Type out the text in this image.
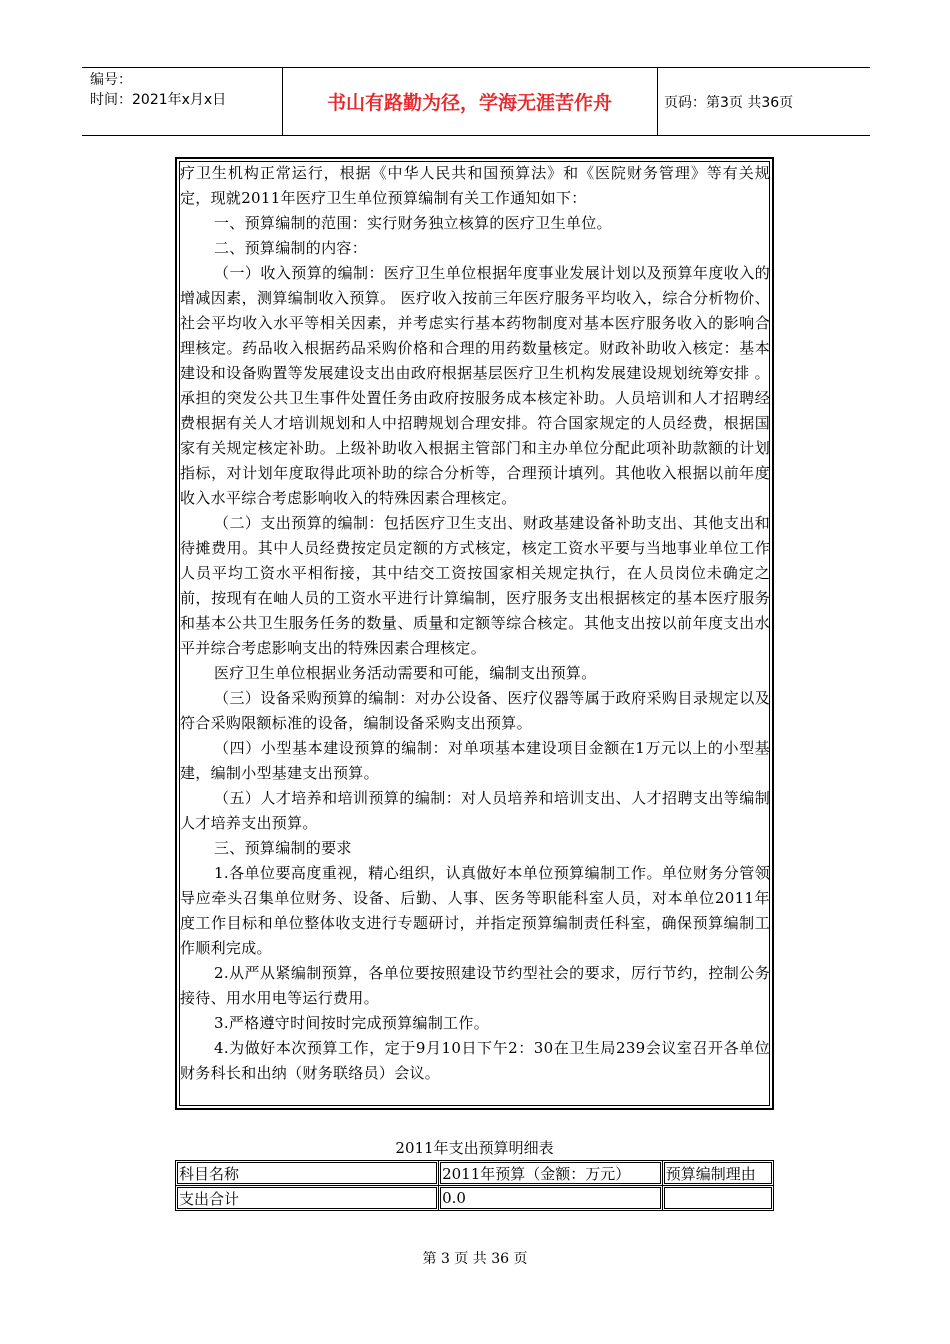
编号：
时间：2021年x月x日	书山有路勤为径，学海无涯苦作舟	页码：第3页 共36页

疗卫生机构正常运行，根据《中华人民共和国预算法》和《医院财务管理》等有关规定，现就2011年医疗卫生单位预算编制有关工作通知如下：

一、预算编制的范围：实行财务独立核算的医疗卫生单位。

二、预算编制的内容：

（一）收入预算的编制：医疗卫生单位根据年度事业发展计划以及预算年度收入的增减因素，测算编制收入预算。 医疗收入按前三年医疗服务平均收入，综合分析物价、社会平均收入水平等相关因素，并考虑实行基本药物制度对基本医疗服务收入的影响合理核定。药品收入根据药品采购价格和合理的用药数量核定。财政补助收入核定：基本建设和设备购置等发展建设支出由政府根据基层医疗卫生机构发展建设规划统筹安排 。承担的突发公共卫生事件处置任务由政府按服务成本核定补助。人员培训和人才招聘经费根据有关人才培训规划和人中招聘规划合理安排。符合国家规定的人员经费，根据国家有关规定核定补助。上级补助收入根据主管部门和主办单位分配此项补助款额的计划指标，对计划年度取得此项补助的综合分析等，合理预计填列。其他收入根据以前年度收入水平综合考虑影响收入的特殊因素合理核定。

（二）支出预算的编制：包括医疗卫生支出、财政基建设备补助支出、其他支出和待摊费用。其中人员经费按定员定额的方式核定，核定工资水平要与当地事业单位工作人员平均工资水平相衔接，其中结交工资按国家相关规定执行，在人员岗位未确定之前，按现有在岫人员的工资水平进行计算编制，医疗服务支出根据核定的基本医疗服务和基本公共卫生服务任务的数量、质量和定额等综合核定。其他支出按以前年度支出水平并综合考虑影响支出的特殊因素合理核定。

医疗卫生单位根据业务活动需要和可能，编制支出预算。

（三）设备采购预算的编制：对办公设备、医疗仪器等属于政府采购目录规定以及符合采购限额标准的设备，编制设备采购支出预算。

（四）小型基本建设预算的编制：对单项基本建设项目金额在1万元以上的小型基建，编制小型基建支出预算。

（五）人才培养和培训预算的编制：对人员培养和培训支出、人才招聘支出等编制人才培养支出预算。

三、预算编制的要求

1.各单位要高度重视，精心组织，认真做好本单位预算编制工作。单位财务分管领导应牵头召集单位财务、设备、后勤、人事、医务等职能科室人员，对本单位2011年度工作目标和单位整体收支进行专题研讨，并指定预算编制责任科室，确保预算编制工作顺利完成。

2.从严从紧编制预算，各单位要按照建设节约型社会的要求，厉行节约，控制公务接待、用水用电等运行费用。

3.严格遵守时间按时完成预算编制工作。

4.为做好本次预算工作，定于9月10日下午2：30在卫生局239会议室召开各单位财务科长和出纳（财务联络员）会议。

2011年支出预算明细表
科目名称	2011年预算（金额：万元）	预算编制理由
支出合计	0.0	
第 3 页 共 36 页
